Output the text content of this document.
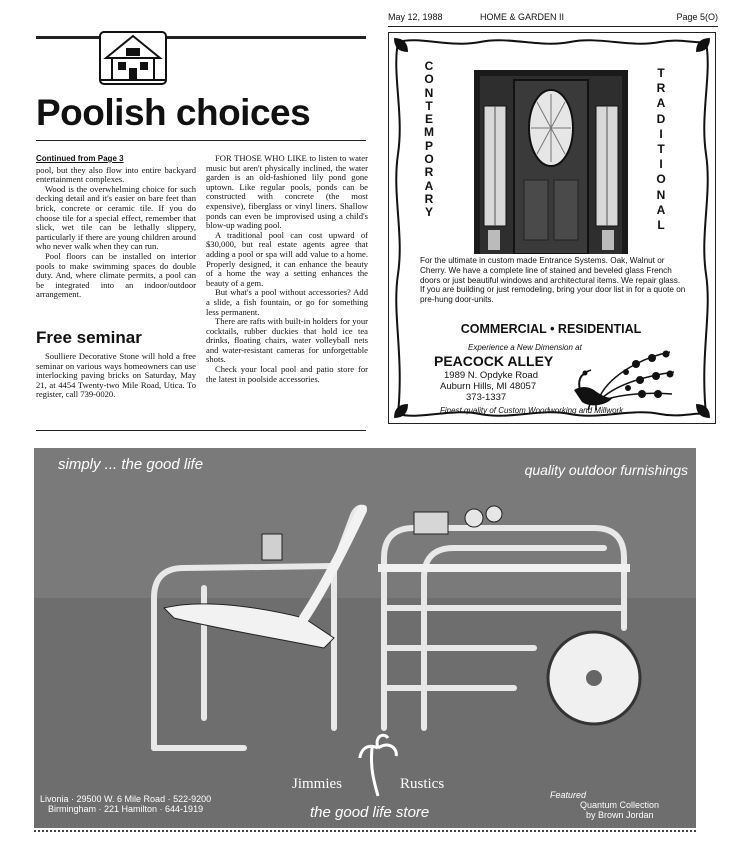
May 12, 1988	HOME & GARDEN II	Page 5(O)
Poolish choices

Continued from Page 3

pool, but they also flow into entire backyard entertainment complexes.

Wood is the overwhelming choice for such decking detail and it's easier on bare feet than brick, concrete or ceramic tile. If you do choose tile for a special effect, remember that slick, wet tile can be lethally slippery, particularly if there are young children around who never walk when they can run.

Pool floors can be installed on interior pools to make swimming spaces do double duty. And, where climate permits, a pool can be integrated into an indoor/outdoor arrangement.

Free seminar

Soulliere Decorative Stone will hold a free seminar on various ways homeowners can use interlocking paving bricks on Saturday, May 21, at 4454 Twenty-two Mile Road, Utica. To register, call 739-0020.

FOR THOSE WHO LIKE to listen to water music but aren't physically inclined, the water garden is an old-fashioned lily pond gone uptown. Like regular pools, ponds can be constructed with concrete (the most expensive), fiberglass or vinyl liners. Shallow ponds can even be improvised using a child's blow-up wading pool.

A traditional pool can cost upward of $30,000, but real estate agents agree that adding a pool or spa will add value to a home. Properly designed, it can enhance the beauty of a home the way a setting enhances the beauty of a gem.

But what's a pool without accessories? Add a slide, a fish fountain, or go for something less permanent.

There are rafts with built-in holders for your cocktails, rubber duckies that hold ice tea drinks, floating chairs, water volleyball nets and water-resistant cameras for unforgettable shots.

Check your local pool and patio store for the latest in poolside accessories.

C
O
N
T
E
M
P
O
R
A
R
Y
T
R
A
D
I
T
I
O
N
A
L
For the ultimate in custom made Entrance Systems. Oak, Walnut or Cherry. We have a complete line of stained and beveled glass French doors or just beautiful windows and architectural items. We repair glass. If you are building or just remodeling, bring your door list in for a quote on pre-hung door-units.
COMMERCIAL • RESIDENTIAL
Experience a New Dimension at
PEACOCK ALLEY
1989 N. Opdyke Road
Auburn Hills, MI 48057
373-1337
Finest quality of Custom Woodworking and Millwork.
simply ... the good life	quality outdoor furnishings
Jimmies	Rustics
the good life store
Livonia · 29500 W. 6 Mile Road · 522-9200
Birmingham · 221 Hamilton · 644-1919
Featured
Quantum Collection
by Brown Jordan
